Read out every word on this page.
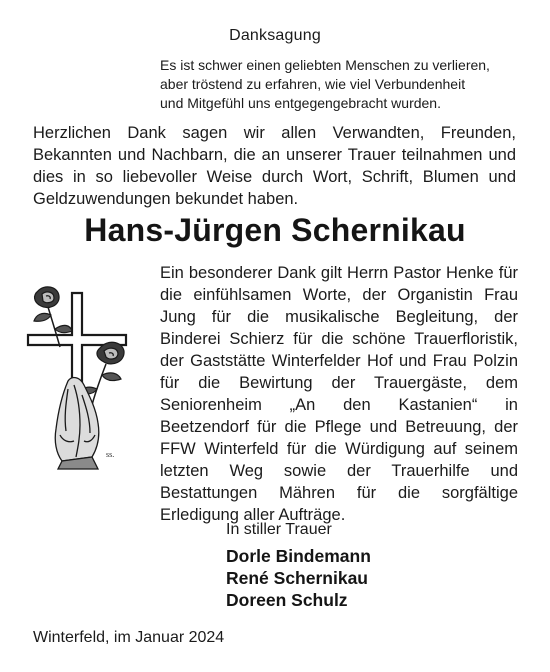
Danksagung
Es ist schwer einen geliebten Menschen zu verlieren,
aber tröstend zu erfahren, wie viel Verbundenheit
und Mitgefühl uns entgegengebracht wurden.
Herzlichen Dank sagen wir allen Verwandten, Freunden, Bekannten und Nachbarn, die an unserer Trauer teilnahmen und dies in so liebevoller Weise durch Wort, Schrift, Blumen und Geldzuwendungen bekundet haben.
Hans-Jürgen Schernikau
ss.
Ein besonderer Dank gilt Herrn Pastor Henke für die einfühlsamen Worte, der Organistin Frau Jung für die musikalische Begleitung, der Binderei Schierz für die schöne Trauerfloristik, der Gaststätte Winterfelder Hof und Frau Polzin für die Bewirtung der Trauergäste, dem Seniorenheim „An den Kastanien“ in Beetzendorf für die Pflege und Betreuung, der FFW Winterfeld für die Würdigung auf seinem letzten Weg sowie der Trauerhilfe und Bestattungen Mähren für die sorgfältige Erledigung aller Aufträge.
In stiller Trauer
Dorle Bindemann
René Schernikau
Doreen Schulz
Winterfeld, im Januar 2024
